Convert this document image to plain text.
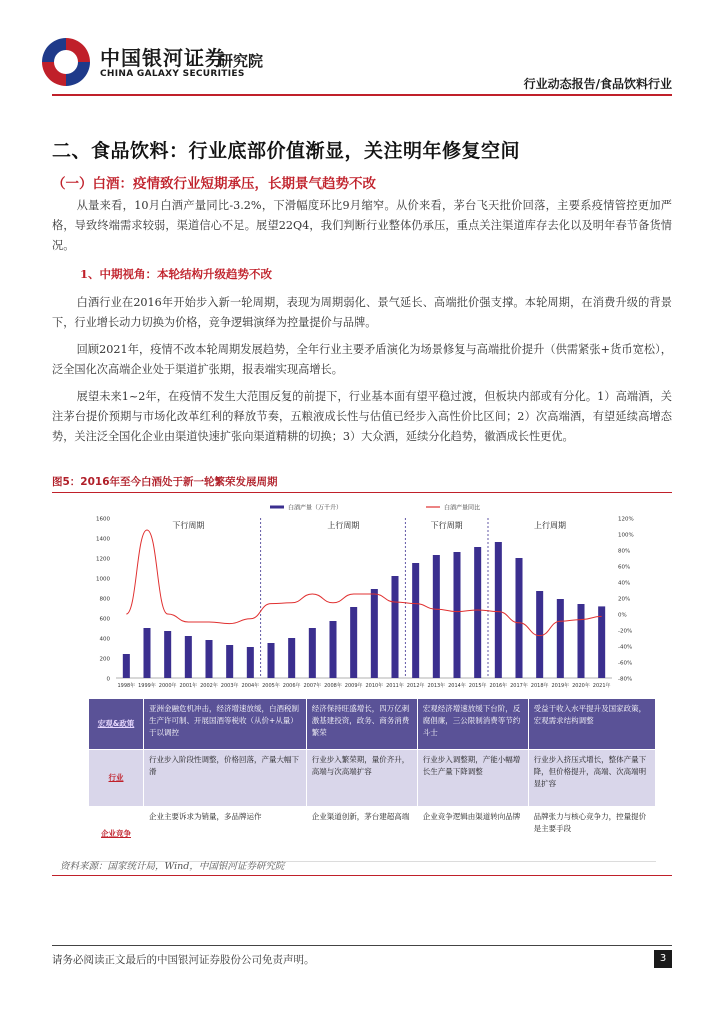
中国银河证券
CHINA GALAXY SECURITIES
研究院
行业动态报告/食品饮料行业
二、食品饮料：行业底部价值渐显，关注明年修复空间
（一）白酒：疫情致行业短期承压，长期景气趋势不改

从量来看，10月白酒产量同比-3.2%，下滑幅度环比9月缩窄。从价来看，茅台飞天批价回落，主要系疫情管控更加严格，导致终端需求较弱，渠道信心不足。展望22Q4，我们判断行业整体仍承压，重点关注渠道库存去化以及明年春节备货情况。

1、中期视角：本轮结构升级趋势不改

白酒行业在2016年开始步入新一轮周期，表现为周期弱化、景气延长、高端批价强支撑。本轮周期，在消费升级的背景下，行业增长动力切换为价格，竞争逻辑演绎为控量提价与品牌。

回顾2021年，疫情不改本轮周期发展趋势，全年行业主要矛盾演化为场景修复与高端批价提升（供需紧张+货币宽松），泛全国化次高端企业处于渠道扩张期，报表端实现高增长。

展望未来1~2年，在疫情不发生大范围反复的前提下，行业基本面有望平稳过渡，但板块内部或有分化。1）高端酒，关注茅台提价预期与市场化改革红利的释放节奏，五粮液成长性与估值已经步入高性价比区间；2）次高端酒，有望延续高增态势，关注泛全国化企业由渠道快速扩张向渠道精耕的切换；3）大众酒，延续分化趋势，徽酒成长性更优。

图5：2016年至今白酒处于新一轮繁荣发展周期
0
200
400
600
800
1000
1200
1400
1600
-80%
-60%
-40%
-20%
0%
20%
40%
60%
80%
100%
120%
下行周期	上行周期	下行周期	上行周期
1998年 1999年 2000年 2001年 2002年 2003年 2004年 2005年 2006年 2007年 2008年 2009年 2010年 2011年 2012年 2013年 2014年 2015年 2016年 2017年 2018年 2019年 2020年 2021年
白酒产量（万千升）	白酒产量同比
宏观&政策	亚洲金融危机冲击，经济增速放缓，白酒税制生产许可制、开展国酒等税收（从价+从量）于以调控	经济保持旺盛增长，四万亿刺激基建投资，政务、商务消费繁荣	宏观经济增速放缓下台阶，反腐倡廉，三公限制消费等节约斗士	受益于收入水平提升及国家政策，宏观需求结构调整
行业	行业步入阶段性调整，价格回落，产量大幅下滑	行业步入繁荣期，量价齐升，高端与次高端扩容	行业步入调整期，产能小幅增长生产量下降调整	行业步入挤压式增长，整体产量下降，但价格提升，高端、次高端明显扩容
企业竞争	企业主要诉求为销量，多品牌运作	企业渠道创新，茅台建超高端	企业竞争逻辑由渠道转向品牌	品牌张力与核心竞争力，控量提价是主要手段
资料来源：国家统计局，Wind，中国银河证券研究院
请务必阅读正文最后的中国银河证券股份公司免责声明。	3
